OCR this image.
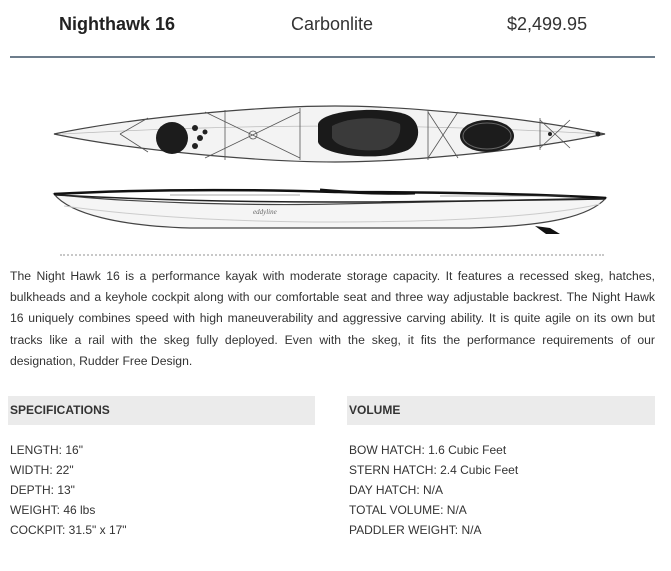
Nighthawk 16	Carbonlite	$2,499.95
eddyline
The Night Hawk 16 is a performance kayak with moderate storage capacity. It features a recessed skeg, hatches, bulkheads and a keyhole cockpit along with our comfortable seat and three way adjustable backrest. The Night Hawk 16 uniquely combines speed with high maneuverability and aggressive carving ability. It is quite agile on its own but tracks like a rail with the skeg fully deployed. Even with the skeg, it fits the performance requirements of our designation, Rudder Free Design.
SPECIFICATIONS
LENGTH: 16"
WIDTH: 22"
DEPTH: 13"
WEIGHT: 46 lbs
COCKPIT: 31.5" x 17"
VOLUME
BOW HATCH: 1.6 Cubic Feet
STERN HATCH: 2.4 Cubic Feet
DAY HATCH: N/A
TOTAL VOLUME: N/A
PADDLER WEIGHT: N/A
